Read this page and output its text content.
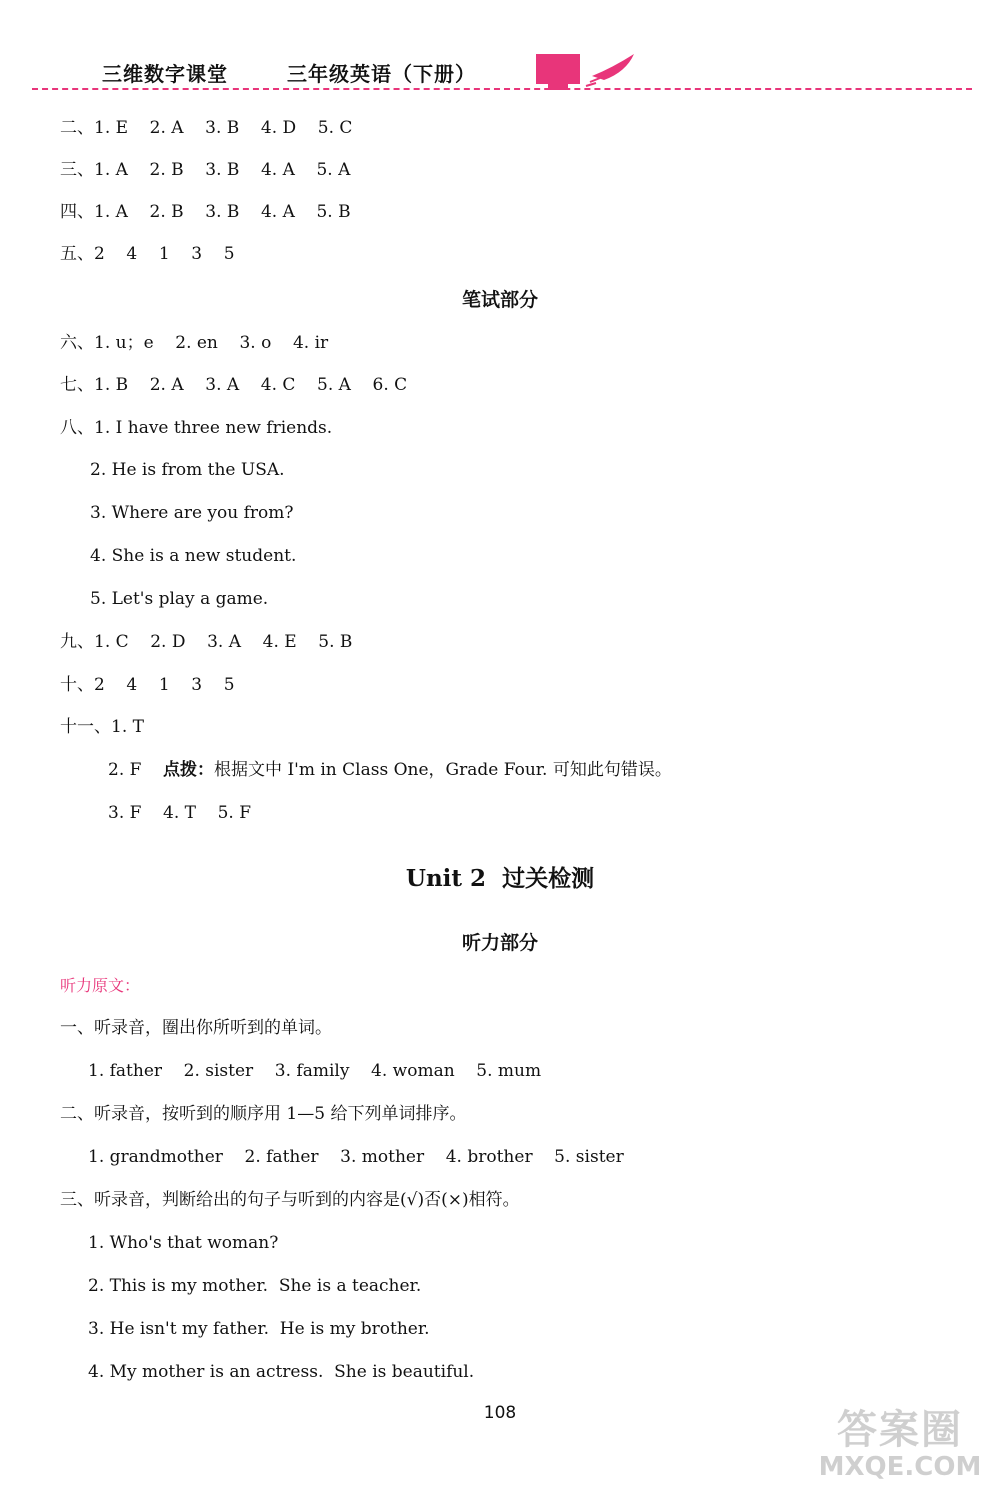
三维数字课堂	三年级英语（下册）
二、1. E    2. A    3. B    4. D    5. C
三、1. A    2. B    3. B    4. A    5. A
四、1. A    2. B    3. B    4. A    5. B
五、2    4    1    3    5
笔试部分
六、1. u；e    2. en    3. o    4. ir
七、1. B    2. A    3. A    4. C    5. A    6. C
八、1. I have three new friends.
2. He is from the USA.
3. Where are you from?
4. She is a new student.
5. Let's play a game.
九、1. C    2. D    3. A    4. E    5. B
十、2    4    1    3    5
十一、1. T
2. F 点拨：根据文中 I'm in Class One，Grade Four. 可知此句错误。
3. F    4. T    5. F
Unit 2  过关检测
听力部分
听力原文：
一、听录音，圈出你所听到的单词。
1. father    2. sister    3. family    4. woman    5. mum
二、听录音，按听到的顺序用 1—5 给下列单词排序。
1. grandmother    2. father    3. mother    4. brother    5. sister
三、听录音，判断给出的句子与听到的内容是(√)否(×)相符。
1. Who's that woman?
2. This is my mother.  She is a teacher.
3. He isn't my father.  He is my brother.
4. My mother is an actress.  She is beautiful.
108	答案圈
MXQE.COM
